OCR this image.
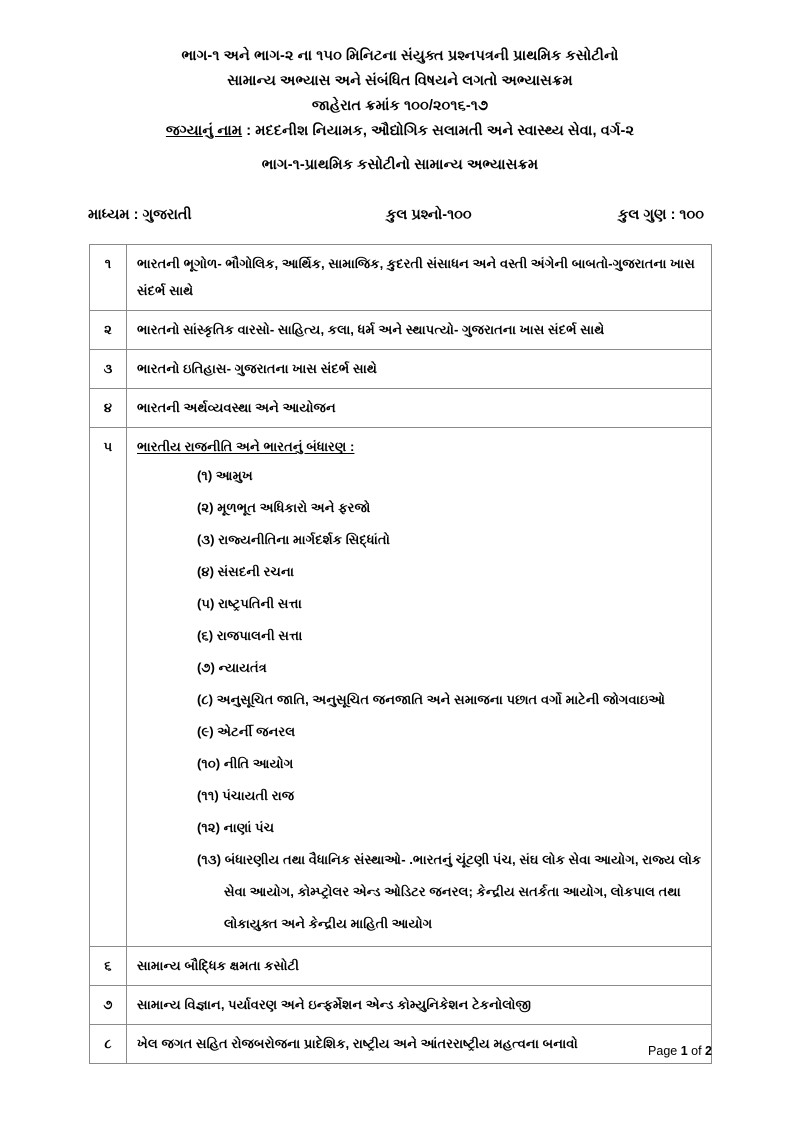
ભાગ-૧ અને ભાગ-૨ ના ૧૫૦ મિનિટના સંયુક્ત પ્રશ્નપત્રની પ્રાથમિક કસોટીનો
સામાન્ય અભ્યાસ અને સંબંધિત વિષયને લગતો અભ્યાસક્રમ
જાહેરાત ક્રમાંક ૧૦૦/૨૦૧૬-૧૭
જગ્યાનું નામ : મદદનીશ નિયામક, ઔદ્યોગિક સલામતી અને સ્વાસ્થ્ય સેવા, વર્ગ-૨
ભાગ-૧-પ્રાથમિક કસોટીનો સામાન્ય અભ્યાસક્રમ
માધ્યમ : ગુજરાતી	કુલ પ્રશ્નો-૧૦૦	કુલ ગુણ : ૧૦૦
૧	ભારતની ભૂગોળ- ભૌગોલિક, આર્થિક, સામાજિક, કુદરતી સંસાધન અને વસ્તી અંગેની બાબતો-ગુજરાતના ખાસ સંદર્ભ સાથે
૨	ભારતનો સાંસ્કૃતિક વારસો- સાહિત્ય, કલા, ધર્મ અને સ્થાપત્યો- ગુજરાતના ખાસ સંદર્ભ સાથે
૩	ભારતનો ઇતિહાસ- ગુજરાતના ખાસ સંદર્ભ સાથે
૪	ભારતની અર્થવ્યવસ્થા અને આયોજન
૫	ભારતીય રાજનીતિ અને ભારતનું બંધારણ :
(૧) આમુખ
(૨) મૂળભૂત અધિકારો અને ફરજો
(૩) રાજ્યનીતિના માર્ગદર્શક સિદ્ધાંતો
(૪) સંસદની રચના
(૫) રાષ્ટ્રપતિની સત્તા
(૬) રાજપાલની સત્તા
(૭) ન્યાયતંત્ર
(૮) અનુસૂચિત જાતિ, અનુસૂચિત જનજાતિ અને સમાજના પછાત વર્ગો માટેની જોગવાઇઓ
(૯) એટર્ની જનરલ
(૧૦) નીતિ આયોગ
(૧૧) પંચાયતી રાજ
(૧૨) નાણાં પંચ
(૧૩) બંધારણીય તથા વૈધાનિક સંસ્થાઓ- .ભારતનું ચૂંટણી પંચ, સંઘ લોક સેવા આયોગ, રાજ્ય લોક સેવા આયોગ, કોમ્પ્ટ્રોલર એન્ડ ઓડિટર જનરલ; કેન્દ્રીય સતર્કતા આયોગ, લોકપાલ તથા લોકાયુક્ત અને કેન્દ્રીય માહિતી આયોગ

૬	સામાન્ય બૌદ્ધિક ક્ષમતા કસોટી
૭	સામાન્ય વિજ્ઞાન, પર્યાવરણ અને ઇન્ફર્મેશન એન્ડ કોમ્યુનિકેશન ટેકનોલોજી
૮	ખેલ જગત સહિત રોજબરોજના પ્રાદેશિક, રાષ્ટ્રીય અને આંતરરાષ્ટ્રીય મહત્વના બનાવો	Page 1 of 2
